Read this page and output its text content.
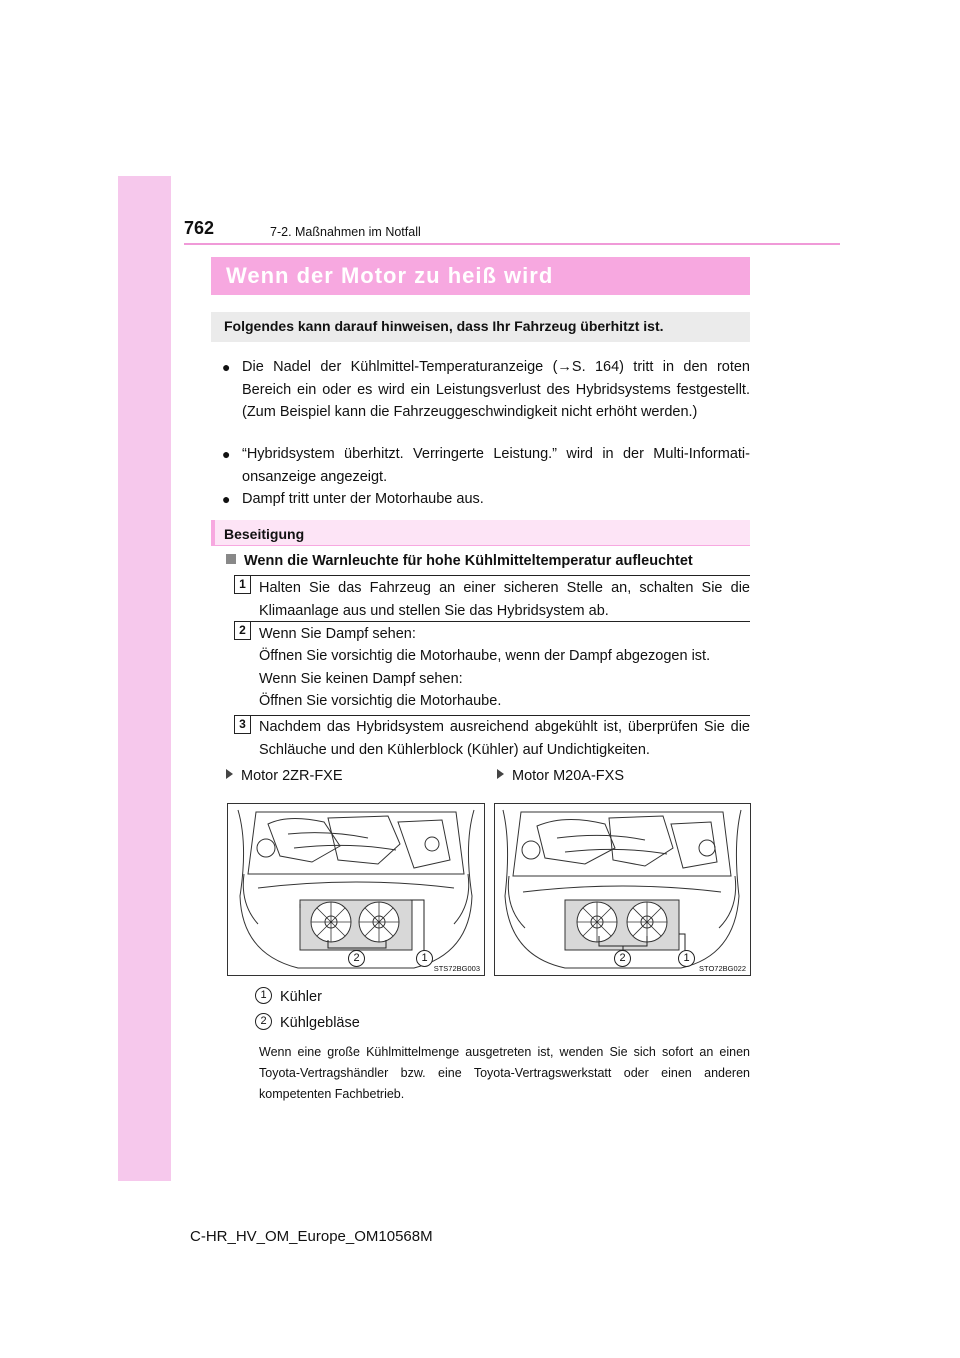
762	7-2. Maßnahmen im Notfall
Wenn der Motor zu heiß wird
Folgendes kann darauf hinweisen, dass Ihr Fahrzeug überhitzt ist.
● Die Nadel der Kühlmittel-Temperaturanzeige (→S. 164) tritt in den roten Bereich ein oder es wird ein Leistungsverlust des Hybridsystems festgestellt. (Zum Beispiel kann die Fahrzeuggeschwindigkeit nicht erhöht werden.)
● “Hybridsystem überhitzt. Verringerte Leistung.” wird in der Multi-Informationsanzeige angezeigt.
● Dampf tritt unter der Motorhaube aus.
Beseitigung
Wenn die Warnleuchte für hohe Kühlmitteltemperatur aufleuchtet
1 Halten Sie das Fahrzeug an einer sicheren Stelle an, schalten Sie die Klimaanlage aus und stellen Sie das Hybridsystem ab.
2 Wenn Sie Dampf sehen:
Öffnen Sie vorsichtig die Motorhaube, wenn der Dampf abgezogen ist.
Wenn Sie keinen Dampf sehen:
Öffnen Sie vorsichtig die Motorhaube.
3 Nachdem das Hybridsystem ausreichend abgekühlt ist, überprüfen Sie die Schläuche und den Kühlerblock (Kühler) auf Undichtigkeiten.
Motor 2ZR-FXE	Motor M20A-FXS
2	1
STS72BG003
2	1
STO72BG022
1 Kühler
2 Kühlgebläse
Wenn eine große Kühlmittelmenge ausgetreten ist, wenden Sie sich sofort an einen Toyota-Vertragshändler bzw. eine Toyota-Vertragswerkstatt oder einen anderen kompetenten Fachbetrieb.
C-HR_HV_OM_Europe_OM10568M
